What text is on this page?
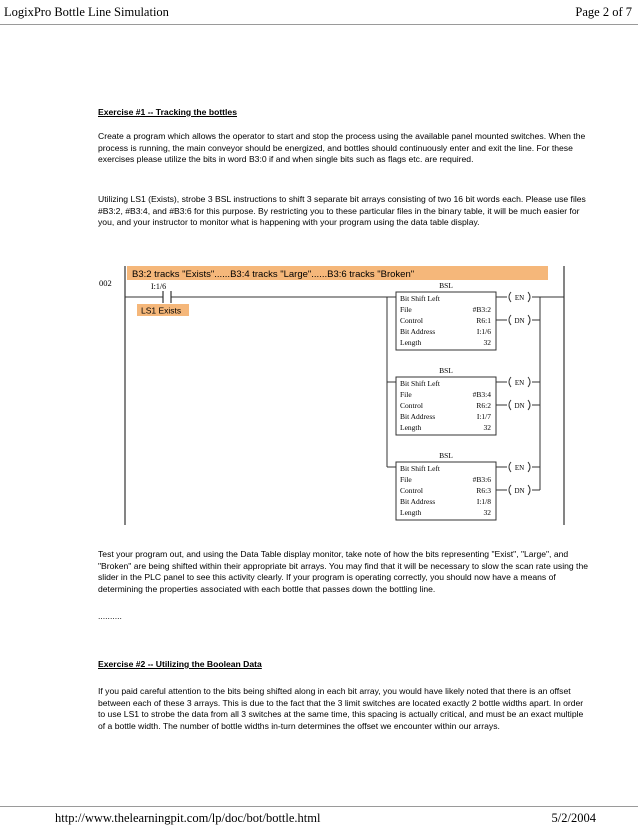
LogixPro Bottle Line Simulation	Page 2 of 7
Exercise #1 -- Tracking the bottles
Create a program which allows the operator to start and stop the process using the available panel mounted switches. When the process is running, the main conveyor should be energized, and bottles should continuously enter and exit the line. For these exercises please utilize the bits in word B3:0 if and when single bits such as flags etc. are required.
Utilizing LS1 (Exists), strobe 3 BSL instructions to shift 3 separate bit arrays consisting of two 16 bit words each. Please use files #B3:2, #B3:4, and #B3:6 for this purpose. By restricting you to these particular files in the binary table, it will be much easier for you, and your instructor to monitor what is happening with your program using the data table display.
002
B3:2 tracks "Exists"......B3:4 tracks "Large"......B3:6 tracks "Broken"
I:1/6
LS1 Exists
BSL
Bit Shift Left
File	#B3:2
Control	R6:1
Bit Address	I:1/6
Length	32
EN
DN
BSL
Bit Shift Left
File	#B3:4
Control	R6:2
Bit Address	I:1/7
Length	32
EN
DN
BSL
Bit Shift Left
File	#B3:6
Control	R6:3
Bit Address	I:1/8
Length	32
EN
DN
Test your program out, and using the Data Table display monitor, take note of how the bits representing "Exist", "Large", and "Broken" are being shifted within their appropriate bit arrays. You may find that it will be necessary to slow the scan rate using the slider in the PLC panel to see this activity clearly. If your program is operating correctly, you should now have a means of determining the properties associated with each bottle that passes down the bottling line.
..........
Exercise #2 -- Utilizing the Boolean Data
If you paid careful attention to the bits being shifted along in each bit array, you would have likely noted that there is an offset between each of these 3 arrays. This is due to the fact that the 3 limit switches are located exactly 2 bottle widths apart. In order to use LS1 to strobe the data from all 3 switches at the same time, this spacing is actually critical, and must be an exact multiple of a bottle width. The number of bottle widths in-turn determines the offset we encounter within our arrays.
http://www.thelearningpit.com/lp/doc/bot/bottle.html	5/2/2004
